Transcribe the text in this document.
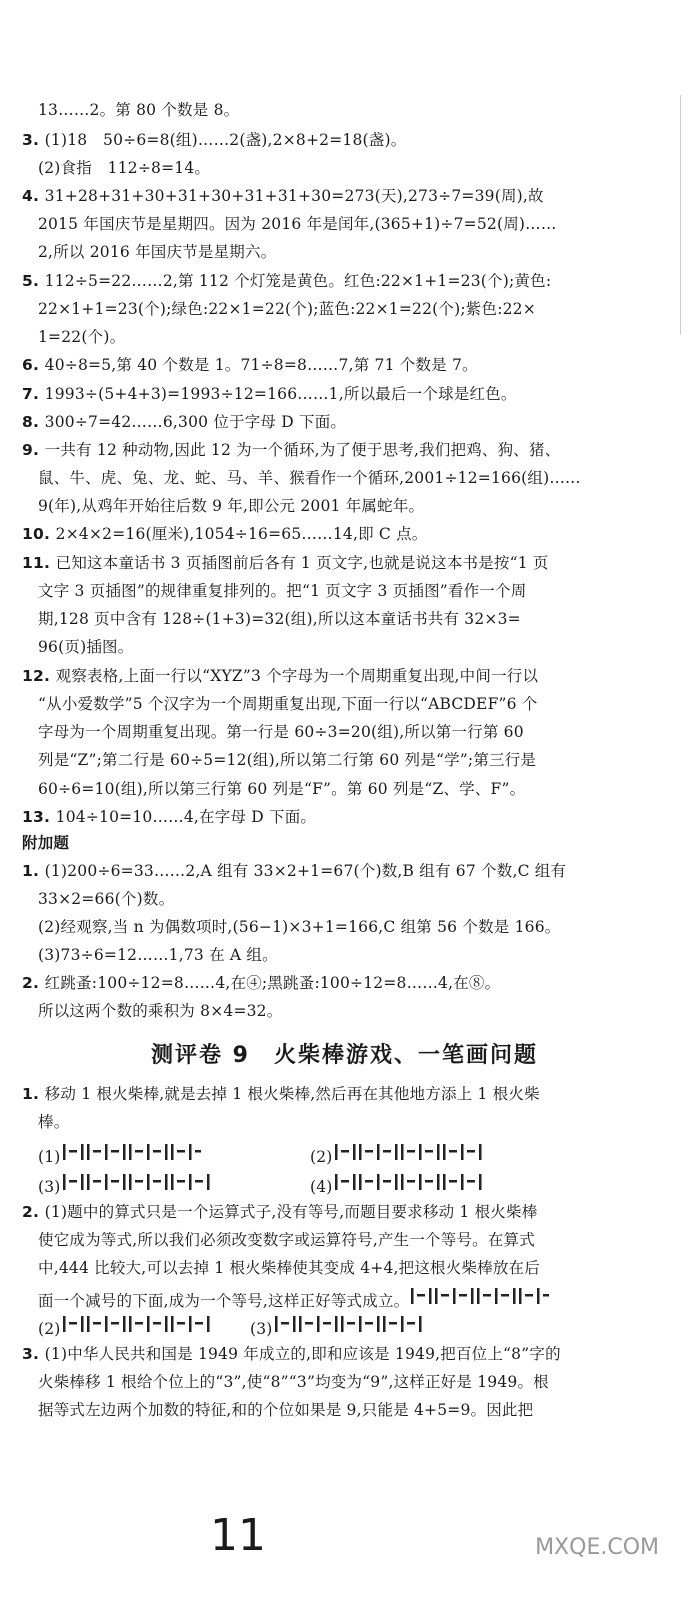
13……2。第 80 个数是 8。
3. (1)18　50÷6=8(组)……2(盏),2×8+2=18(盏)。
(2)食指　112÷8=14。
4. 31+28+31+30+31+30+31+31+30=273(天),273÷7=39(周),故
2015 年国庆节是星期四。因为 2016 年是闰年,(365+1)÷7=52(周)……
2,所以 2016 年国庆节是星期六。
5. 112÷5=22……2,第 112 个灯笼是黄色。红色:22×1+1=23(个);黄色:
22×1+1=23(个);绿色:22×1=22(个);蓝色:22×1=22(个);紫色:22×
1=22(个)。
6. 40÷8=5,第 40 个数是 1。71÷8=8……7,第 71 个数是 7。
7. 1993÷(5+4+3)=1993÷12=166……1,所以最后一个球是红色。
8. 300÷7=42……6,300 位于字母 D 下面。
9. 一共有 12 种动物,因此 12 为一个循环,为了便于思考,我们把鸡、狗、猪、
鼠、牛、虎、兔、龙、蛇、马、羊、猴看作一个循环,2001÷12=166(组)……
9(年),从鸡年开始往后数 9 年,即公元 2001 年属蛇年。
10. 2×4×2=16(厘米),1054÷16=65……14,即 C 点。
11. 已知这本童话书 3 页插图前后各有 1 页文字,也就是说这本书是按“1 页
文字 3 页插图”的规律重复排列的。把“1 页文字 3 页插图”看作一个周
期,128 页中含有 128÷(1+3)=32(组),所以这本童话书共有 32×3=
96(页)插图。
12. 观察表格,上面一行以“XYZ”3 个字母为一个周期重复出现,中间一行以
“从小爱数学”5 个汉字为一个周期重复出现,下面一行以“ABCDEF”6 个
字母为一个周期重复出现。第一行是 60÷3=20(组),所以第一行第 60
列是“Z”;第二行是 60÷5=12(组),所以第二行第 60 列是“学”;第三行是
60÷6=10(组),所以第三行第 60 列是“F”。第 60 列是“Z、学、F”。
13. 104÷10=10……4,在字母 D 下面。
附加题
1. (1)200÷6=33……2,A 组有 33×2+1=67(个)数,B 组有 67 个数,C 组有
33×2=66(个)数。
(2)经观察,当 n 为偶数项时,(56−1)×3+1=166,C 组第 56 个数是 166。
(3)73÷6=12……1,73 在 A 组。
2. 红跳蚤:100÷12=8……4,在④;黑跳蚤:100÷12=8……4,在⑧。
所以这两个数的乘积为 8×4=32。
测评卷 9　火柴棒游戏、一笔画问题
1. 移动 1 根火柴棒,就是去掉 1 根火柴棒,然后再在其他地方添上 1 根火柴
棒。
(1)	(2)
(3)	(4)
2. (1)题中的算式只是一个运算式子,没有等号,而题目要求移动 1 根火柴棒
使它成为等式,所以我们必须改变数字或运算符号,产生一个等号。在算式
中,444 比较大,可以去掉 1 根火柴棒使其变成 4+4,把这根火柴棒放在后
面一个减号的下面,成为一个等号,这样正好等式成立。
(2)	(3)
3. (1)中华人民共和国是 1949 年成立的,即和应该是 1949,把百位上“8”字的
火柴棒移 1 根给个位上的“3”,使“8”“3”均变为“9”,这样正好是 1949。根
据等式左边两个加数的特征,和的个位如果是 9,只能是 4+5=9。因此把
11	MXQE.COM
